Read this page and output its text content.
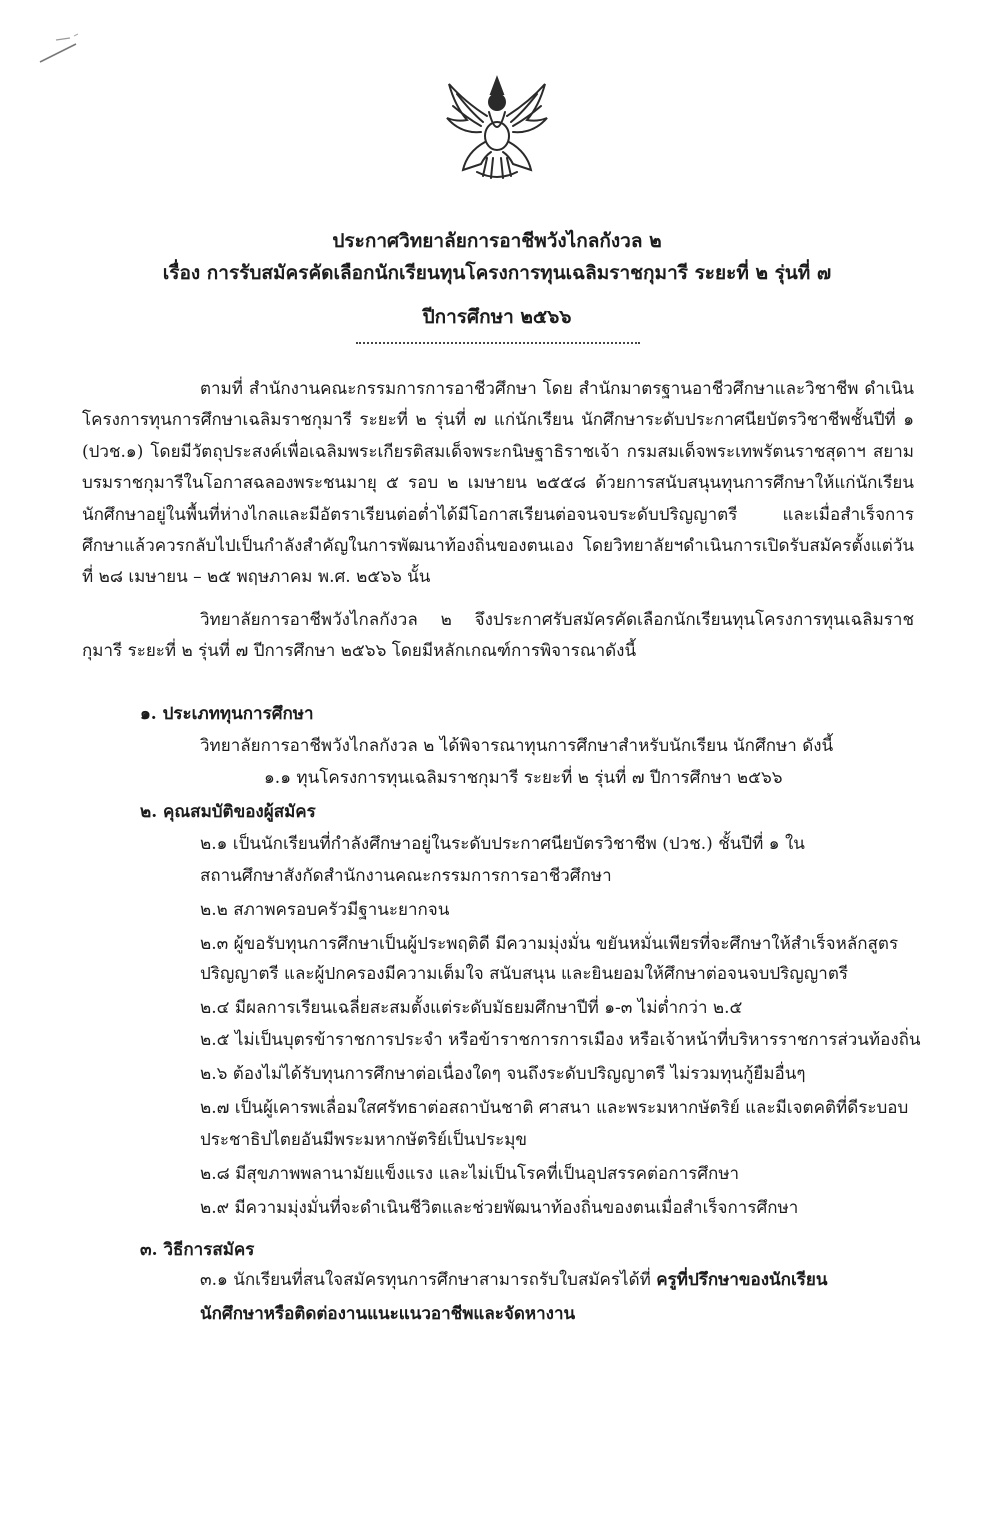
ประกาศวิทยาลัยการอาชีพวังไกลกังวล ๒
เรื่อง การรับสมัครคัดเลือกนักเรียนทุนโครงการทุนเฉลิมราชกุมารี ระยะที่ ๒ รุ่นที่ ๗
ปีการศึกษา ๒๕๖๖

ตามที่ สำนักงานคณะกรรมการการอาชีวศึกษา โดย สำนักมาตรฐานอาชีวศึกษาและวิชาชีพ ดำเนินโครงการทุนการศึกษาเฉลิมราชกุมารี ระยะที่ ๒ รุ่นที่ ๗ แก่นักเรียน นักศึกษาระดับประกาศนียบัตรวิชาชีพชั้นปีที่ ๑ (ปวช.๑) โดยมีวัตถุประสงค์เพื่อเฉลิมพระเกียรติสมเด็จพระกนิษฐาธิราชเจ้า กรมสมเด็จพระเทพรัตนราชสุดาฯ สยามบรมราชกุมารีในโอกาสฉลองพระชนมายุ ๕ รอบ ๒ เมษายน ๒๕๕๘ ด้วยการสนับสนุนทุนการศึกษาให้แก่นักเรียน นักศึกษาอยู่ในพื้นที่ห่างไกลและมีอัตราเรียนต่อต่ำได้มีโอกาสเรียนต่อจนจบระดับปริญญาตรี และเมื่อสำเร็จการศึกษาแล้วควรกลับไปเป็นกำลังสำคัญในการพัฒนาท้องถิ่นของตนเอง โดยวิทยาลัยฯดำเนินการเปิดรับสมัครตั้งแต่วันที่ ๒๘ เมษายน – ๒๕ พฤษภาคม พ.ศ. ๒๕๖๖ นั้น

วิทยาลัยการอาชีพวังไกลกังวล ๒ จึงประกาศรับสมัครคัดเลือกนักเรียนทุนโครงการทุนเฉลิมราชกุมารี ระยะที่ ๒ รุ่นที่ ๗ ปีการศึกษา ๒๕๖๖ โดยมีหลักเกณฑ์การพิจารณาดังนี้

๑. ประเภททุนการศึกษา
วิทยาลัยการอาชีพวังไกลกังวล ๒ ได้พิจารณาทุนการศึกษาสำหรับนักเรียน นักศึกษา ดังนี้
๑.๑ ทุนโครงการทุนเฉลิมราชกุมารี ระยะที่ ๒ รุ่นที่ ๗ ปีการศึกษา ๒๕๖๖
๒. คุณสมบัติของผู้สมัคร
๒.๑ เป็นนักเรียนที่กำลังศึกษาอยู่ในระดับประกาศนียบัตรวิชาชีพ (ปวช.) ชั้นปีที่ ๑ ใน
สถานศึกษาสังกัดสำนักงานคณะกรรมการการอาชีวศึกษา
๒.๒ สภาพครอบครัวมีฐานะยากจน
๒.๓ ผู้ขอรับทุนการศึกษาเป็นผู้ประพฤติดี มีความมุ่งมั่น ขยันหมั่นเพียรที่จะศึกษาให้สำเร็จหลักสูตร
ปริญญาตรี และผู้ปกครองมีความเต็มใจ สนับสนุน และยินยอมให้ศึกษาต่อจนจบปริญญาตรี
๒.๔ มีผลการเรียนเฉลี่ยสะสมตั้งแต่ระดับมัธยมศึกษาปีที่ ๑-๓ ไม่ต่ำกว่า ๒.๕
๒.๕ ไม่เป็นบุตรข้าราชการประจำ หรือข้าราชการการเมือง หรือเจ้าหน้าที่บริหารราชการส่วนท้องถิ่น
๒.๖ ต้องไม่ได้รับทุนการศึกษาต่อเนื่องใดๆ จนถึงระดับปริญญาตรี ไม่รวมทุนกู้ยืมอื่นๆ
๒.๗ เป็นผู้เคารพเลื่อมใสศรัทธาต่อสถาบันชาติ ศาสนา และพระมหากษัตริย์ และมีเจตคติที่ดีระบอบ
ประชาธิปไตยอันมีพระมหากษัตริย์เป็นประมุข
๒.๘ มีสุขภาพพลานามัยแข็งแรง และไม่เป็นโรคที่เป็นอุปสรรคต่อการศึกษา
๒.๙ มีความมุ่งมั่นที่จะดำเนินชีวิตและช่วยพัฒนาท้องถิ่นของตนเมื่อสำเร็จการศึกษา
๓. วิธีการสมัคร
๓.๑ นักเรียนที่สนใจสมัครทุนการศึกษาสามารถรับใบสมัครได้ที่ ครูที่ปรึกษาของนักเรียน
นักศึกษาหรือติดต่องานแนะแนวอาชีพและจัดหางาน
